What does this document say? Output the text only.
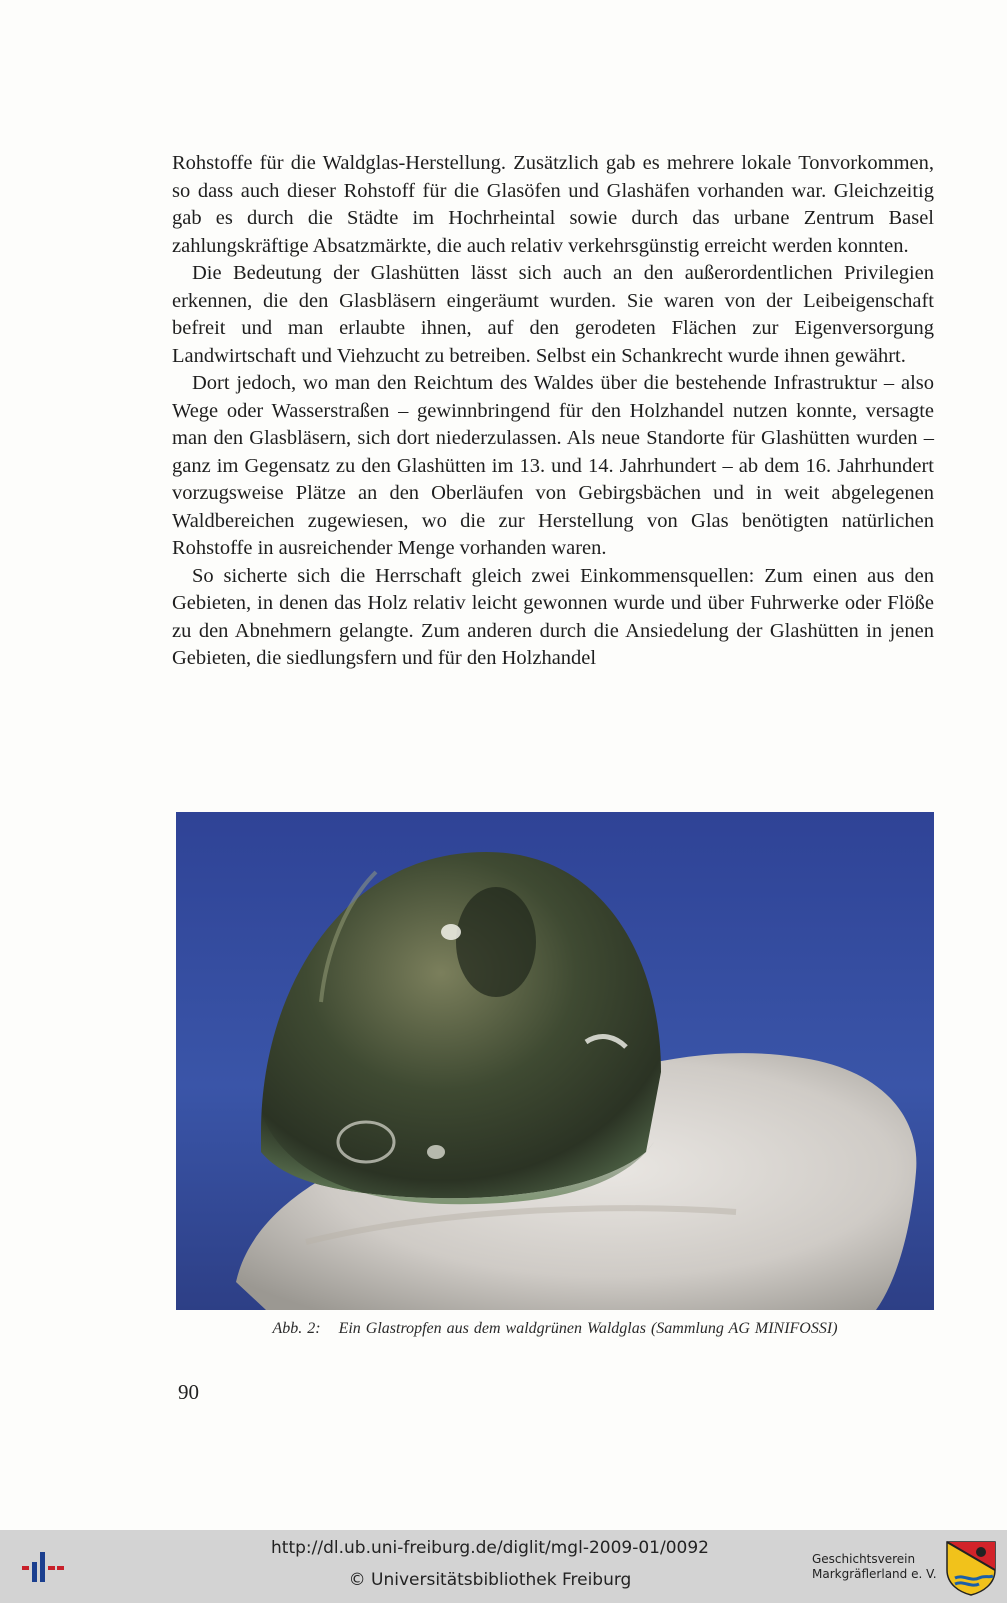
Rohstoffe für die Waldglas-Herstellung. Zusätzlich gab es mehrere lokale Tonvorkommen, so dass auch dieser Rohstoff für die Glasöfen und Glashäfen vorhanden war. Gleichzeitig gab es durch die Städte im Hochrheintal sowie durch das urbane Zentrum Basel zahlungskräftige Absatzmärkte, die auch relativ verkehrsgünstig erreicht werden konnten.

Die Bedeutung der Glashütten lässt sich auch an den außerordentlichen Privilegien erkennen, die den Glasbläsern eingeräumt wurden. Sie waren von der Leibeigenschaft befreit und man erlaubte ihnen, auf den gerodeten Flächen zur Eigenversorgung Landwirtschaft und Viehzucht zu betreiben. Selbst ein Schankrecht wurde ihnen gewährt.

Dort jedoch, wo man den Reichtum des Waldes über die bestehende Infrastruktur – also Wege oder Wasserstraßen – gewinnbringend für den Holzhandel nutzen konnte, versagte man den Glasbläsern, sich dort niederzulassen. Als neue Standorte für Glashütten wurden – ganz im Gegensatz zu den Glashütten im 13. und 14. Jahrhundert – ab dem 16. Jahrhundert vorzugsweise Plätze an den Oberläufen von Gebirgsbächen und in weit abgelegenen Waldbereichen zugewiesen, wo die zur Herstellung von Glas benötigten natürlichen Rohstoffe in ausreichender Menge vorhanden waren.

So sicherte sich die Herrschaft gleich zwei Einkommensquellen: Zum einen aus den Gebieten, in denen das Holz relativ leicht gewonnen wurde und über Fuhrwerke oder Flöße zu den Abnehmern gelangte. Zum anderen durch die Ansiedelung der Glashütten in jenen Gebieten, die siedlungsfern und für den Holzhandel

Abb. 2: Ein Glastropfen aus dem waldgrünen Waldglas (Sammlung AG MINIFOSSI)
90
http://dl.ub.uni-freiburg.de/diglit/mgl-2009-01/0092
© Universitätsbibliothek Freiburg
Geschichtsverein
Markgräflerland e. V.
